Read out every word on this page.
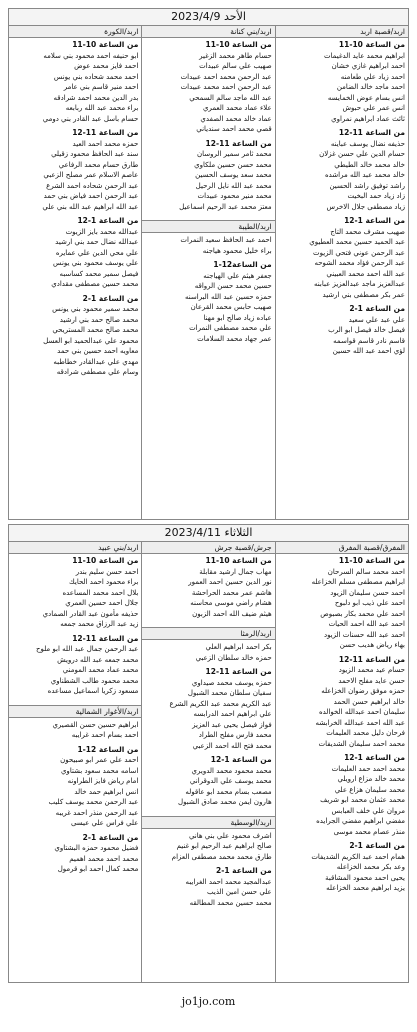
الأحد 2023/4/9
اربد/قصبة اربد
من الساعة 10-11
ابراهيم محمد عايد الدغيمات
احمد ابراهيم غازي خشان
احمد زياد علي طعامنه
احمد ماجد خالد الضامن
انس بسام عوض الخمايسه
انس عمر علي حبوش
ثائث عماد ابراهيم نمراوي
من الساعة 11-12
حذيفه نضال يوسف عباينه
حسام الدين علي حسن غزلان
خالد محمد خالد الطيطي
خالد محمد عبد الله مراشده
راشد توفيق راشد الحسين
زاد زياد حمد البخيت
زياد مصطفى جلال الاخرس
من الساعة 1-12
صهيب مشرف محمد التاج
عبد الحميد حسين محمد العطيوي
عبد الرحمن عوني فتحي الزيوت
عبد الرحمن فؤاد محمد الشوحه
عبد الله احمد محمد العبيني
عبدالعزيز ماجد عبدالعزيز عبابنه
عمر بكر مصطفى بني ارشيد
من الساعة 1-2
علي عبد علي سعيد
فيصل خالد فيصل ابو الرب
قاسم نادر قاسم قواسمه
لؤي احمد عبد الله حسين
اربد/بني كنانة
من الساعة 10-11
حسام طاهر محمد الزغير
صهيب علي سالم عبيدات
عبد الرحمن محمد احمد عبيدات
عبد الرحمن احمد محمد عبيدات
عبد الله ماجد سالم السمحي
علاء عماد محمد العمري
عماد خالد محمد الصفدي
قصي محمد احمد سندياني
من الساعة 11-12
محمد ثامر سمير الروسان
محمد حسن حسين ملكاوي
محمد سعد يوسف الحسين
محمد عبد الله نايل الرحيل
محمد منير محمود عبيدات
معتز محمد عبد الرحيم اسماعيل
اربد/الطيبة
احمد عبد الحافظ سعيد النمرات
براء خليل محمود هياجنه
من الساعة12-1
جعفر هيثم علي الهياجنه
حسين محمد حسن الرواقه
حمزه حسين عبد الله البراسنه
صهيب حابس محمد القرعان
عباده زياد صالح ابو مهنا
علي محمد مصطفى النمرات
عمر جهاد محمد السلامات
اربد/الكورة
من الساعة 10-11
ابو حنيفه احمد محمود بني سلامه
احمد فايز محمد عوض
احمد محمد شحاده بني يونس
احمد منير قاسم بني عامر
بدر الدين محمد احمد شرادقه
براء محمد عبد الله ربابعه
حسام باسل عبد القادر بني دومي
من الساعة 11-12
حمزه محمد احمد العيد
سند عبد الحافظ محمود زقيلي
طارق حسام محمد الرفاعي
عاصم الاسلام عمر مصلح الزعبي
عبد الرحمن شحاده احمد الشرع
عبد الرحمن احمد فياض بني حمد
عبد الله ابراهيم عبد الله بني علي
من الساعة 1-12
عبدالله محمد بايز الزيوت
عبدالله نضال حمد بني ارشيد
علي محي الدين علي عمايره
علي يوسف محمود بني يونس
فيصل سمير محمد كساسبه
محمد حسين مصطفى مقدادي
من الساعة 1-2
محمد سمير محمود بني يونس
محمد صالح حمد بني ارشيد
محمد صالح محمد المستريحي
محمود علي عبدالحميد ابو العسل
معاويه احمد حسين بني حمد
مهدي علي عبدالقادر خطاطبه
وسام علي مصطفى شرادقه
الثلاثاء 2023/4/11
المفرق/قصبة المفرق
من الساعة 10-11
احمد محمد سالم السرحان
ابراهيم مصطفى مسلم الخزاعله
احمد حسن سليمان الزيود
احمد علي ذيب ابو دلبوح
احمد علي محمد بكار بصبوص
احمد عبد الله احمد الحيات
احمد عبد الله حسنات الزيود
بهاء رياض هديب حسن
من الساعة 11-12
حسام عيد محمد الزيود
حسن عايد مفلح الاحمد
حمزه موفق رضوان الخزاعله
خالد ابراهيم حسن الحمد
سليمان احمد عبدالله الخوالده
عبد الله احمد عبدالله الخرابشه
فرحان دليل محمد العليمات
محمد احمد سليمان الشديفات
من الساعة 1-12
محمد احمد حمد العليمات
محمد خالد مزاع ارويلي
محمد سليمان هزاع علي
محمد عثمان محمد ابو شريف
مروان علي خلف العبابس
مفضي ابراهيم مفضي الجرايده
منذر عصام محمد موسى
من الساعة 1-2
همام احمد عبد الكريم الشديفات
وعد بكر محمد الخزاعله
يحيى احمد محمود المشاقبة
يزيد ابراهيم محمد الخزاعله
جرش/قصبة جرش
من الساعة 10-11
مهاب جمال ارشيد مقابلة
نور الدين حسين احمد العمور
هاشم عمر محمد الحراحشة
هشام راضي موسى محاسنه
هيثم ضيف الله احمد الزبون
اربد/الرمثا
بكر احمد ابراهيم العلي
حمزه خالد سلطان الزعبي
من الساعة 11-12
حمزه يوسف محمد صيداوي
سفيان سلطان محمد الشبول
عبد الكريم محمد عبد الكريم الشرع
علي ابراهيم احمد الدرابسه
فواز فيصل يحيى عبد العزيز
محمد فارس مفلح الطراد
محمد فتح الله احمد الزعبي
من الساعة 1-12
محمد محمود محمد الدويري
محمد يوسف علي الدوقراني
مصعب بسام محمد ابو عاقوله
هارون ايمن محمد صادق الشبول
اربد/الوسطية
اشرف محمود علي بني هاني
صالح ابراهيم عبد الرحيم ابو غنيم
طارق محمد محمد مصطفى العزام
من الساعة 1-2
عبدالمجيد محمد احمد الغرايبه
علي حسن امين الذيب
محمد حسين محمد المطالقه
اربد/بني عبيد
من الساعة 10-11
احمد حسن سليم بندر
براء محمود احمد الحايك
بلال احمد محمد المساعده
جلال احمد حسين العمري
حذيفه مأمون عبد القادر الصمادي
زيد عبد الرزاق محمد جمعه
من الساعة 11-12
عبد الرحمن جمال عبد الله ابو ملوح
محمد جمعه عبد الله درويش
محمد عماد محمد المومني
محمد محمود طالب الشطناوي
مسعود زكريا اسماعيل مساعده
اربد/الأغوار الشمالية
ابراهيم حسين حسن القصيري
احمد بسام احمد غرايبه
من الساعة 12-1
احمد علي عمر ابو صبيحون
اسامه محمد سعود بشتاوي
امام رياض فايز الطراونه
انس ابراهيم حمد خالد
عبد الرحمن محمد يوسف كليب
عبد الرحمن منذر احمد غريبه
علي فراس علي عيسى
من الساعة 1-2
فضيل محمود حمزه البشتاوي
محمد احمد محمد اهميم
محمد كمال احمد ابو قرمول
jo1jo.com
